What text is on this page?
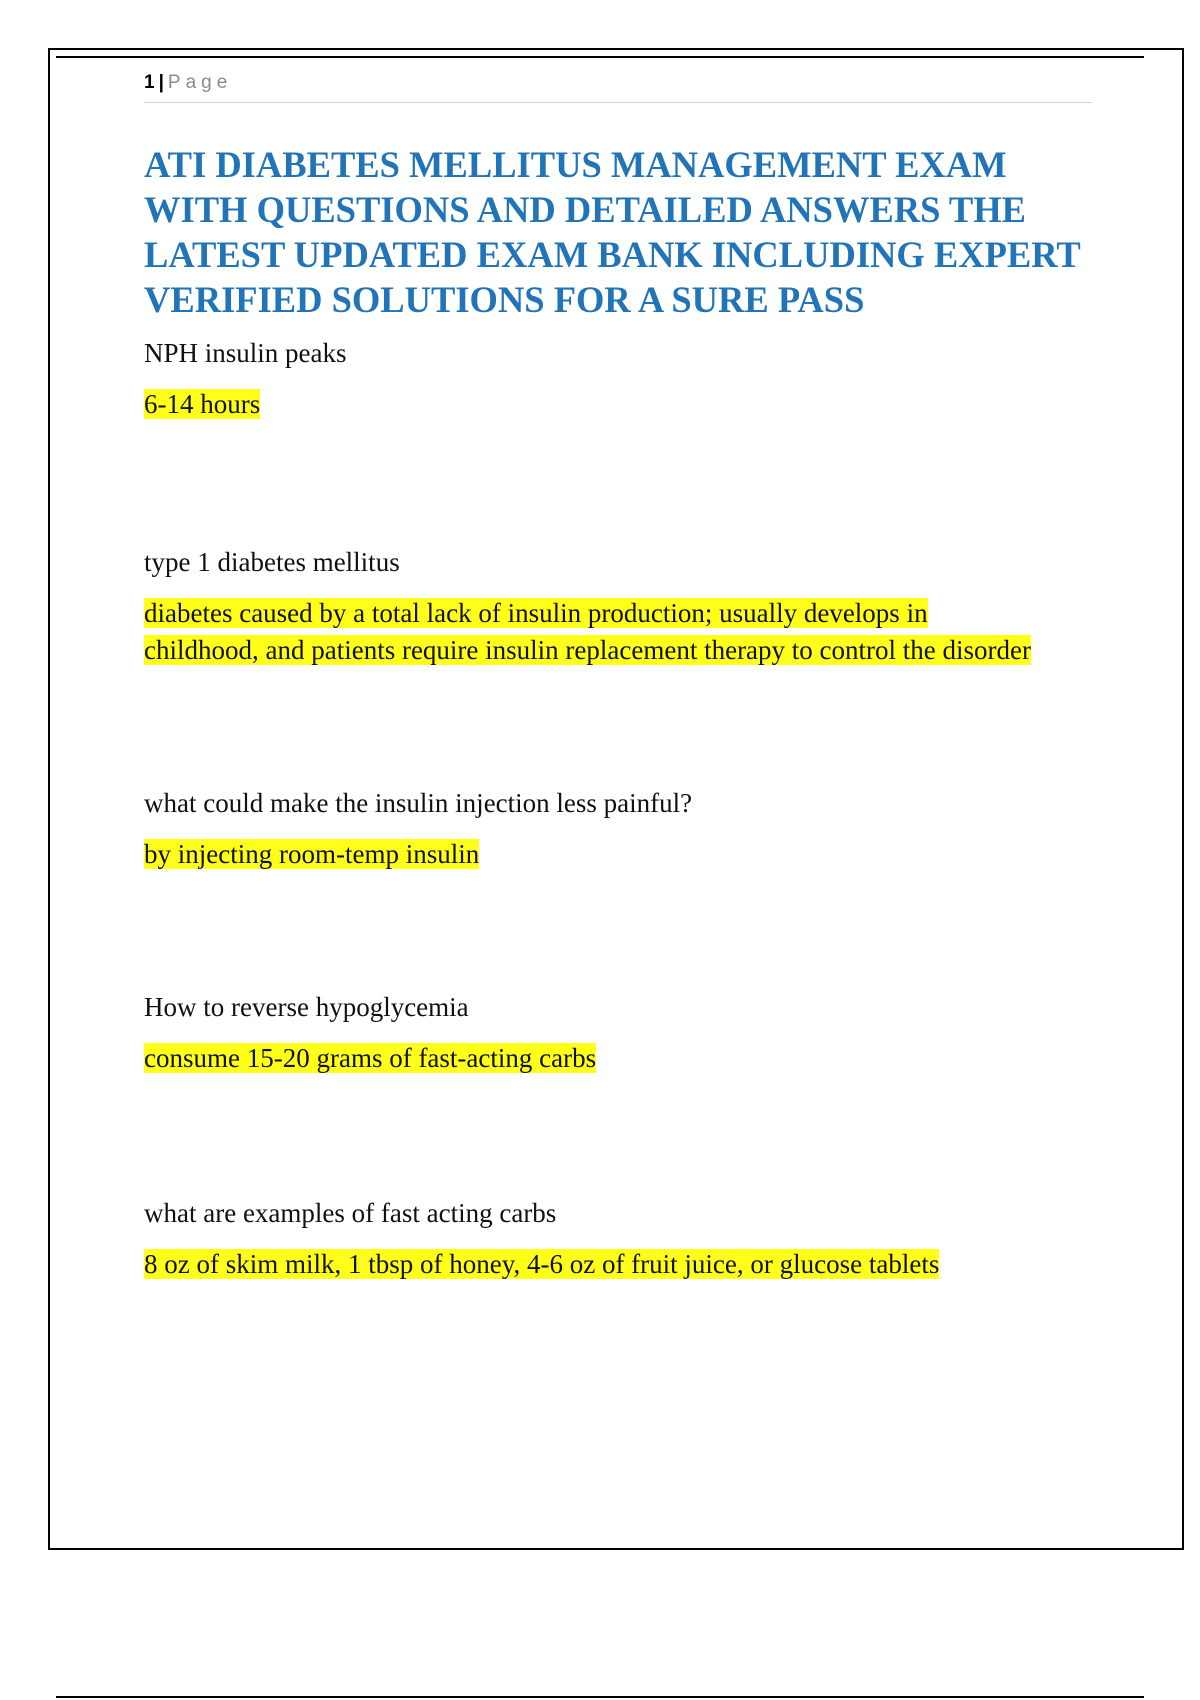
1 | Page
ATI DIABETES MELLITUS MANAGEMENT EXAM WITH QUESTIONS AND DETAILED ANSWERS THE LATEST UPDATED EXAM BANK INCLUDING EXPERT VERIFIED SOLUTIONS FOR A SURE PASS

NPH insulin peaks

6-14 hours

type 1 diabetes mellitus

diabetes caused by a total lack of insulin production; usually develops in
childhood, and patients require insulin replacement therapy to control the disorder

what could make the insulin injection less painful?

by injecting room-temp insulin

How to reverse hypoglycemia

consume 15-20 grams of fast-acting carbs

what are examples of fast acting carbs

8 oz of skim milk, 1 tbsp of honey, 4-6 oz of fruit juice, or glucose tablets
